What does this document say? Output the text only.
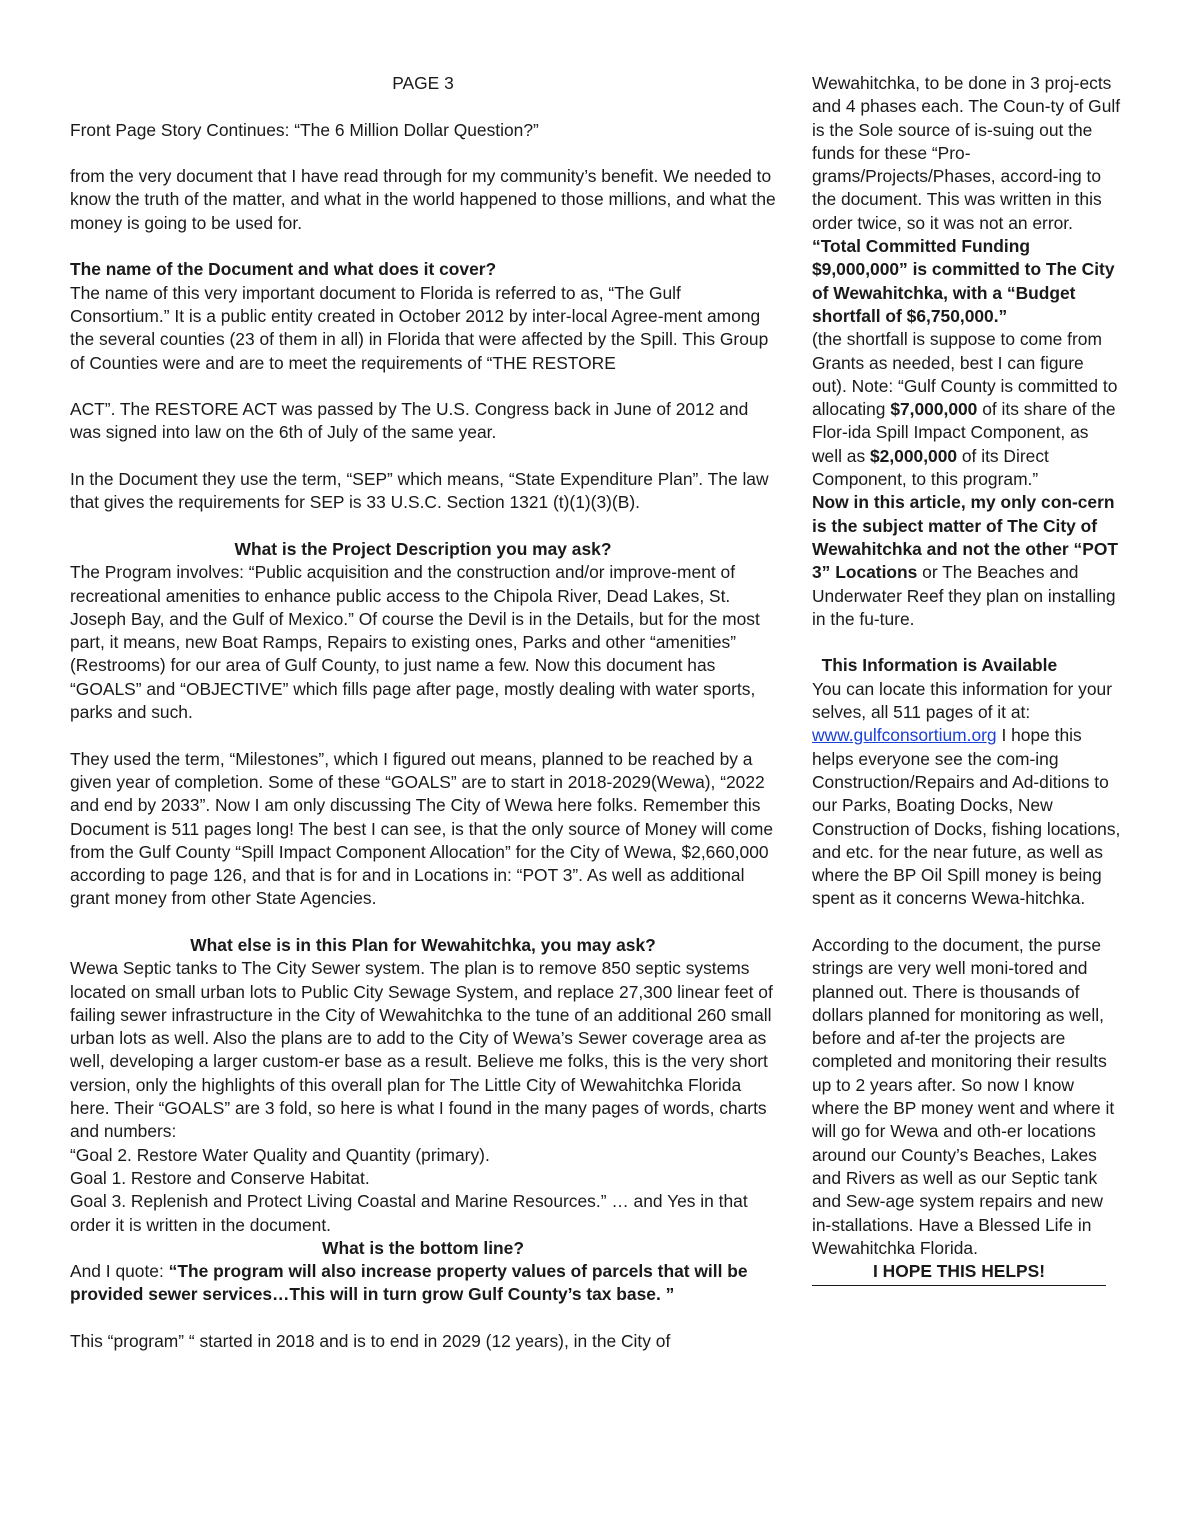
PAGE 3

Front Page Story Continues: “The 6 Million Dollar Question?”

from the very document that I have read through for my community’s benefit. We needed to know the truth of the matter, and what in the world happened to those millions, and what the money is going to be used for.

The name of the Document and what does it cover?

The name of this very important document to Florida is referred to as, “The Gulf Consortium.” It is a public entity created in October 2012 by inter-local Agree-ment among the several counties (23 of them in all) in Florida that were affected by the Spill. This Group of Counties were and are to meet the requirements of “THE RESTORE

ACT”. The RESTORE ACT was passed by The U.S. Congress back in June of 2012 and was signed into law on the 6th of July of the same year.

In the Document they use the term, “SEP” which means, “State Expenditure Plan”. The law that gives the requirements for SEP is 33 U.S.C. Section 1321 (t)(1)(3)(B).

What is the Project Description you may ask?

The Program involves: “Public acquisition and the construction and/or improve-ment of recreational amenities to enhance public access to the Chipola River, Dead Lakes, St. Joseph Bay, and the Gulf of Mexico.” Of course the Devil is in the Details, but for the most part, it means, new Boat Ramps, Repairs to existing ones, Parks and other “amenities” (Restrooms) for our area of Gulf County, to just name a few. Now this document has “GOALS” and “OBJECTIVE” which fills page after page, mostly dealing with water sports, parks and such.

They used the term, “Milestones”, which I figured out means, planned to be reached by a given year of completion. Some of these “GOALS” are to start in 2018-2029(Wewa), “2022 and end by 2033”. Now I am only discussing The City of Wewa here folks. Remember this Document is 511 pages long! The best I can see, is that the only source of Money will come from the Gulf County “Spill Impact Component Allocation” for the City of Wewa, $2,660,000 according to page 126, and that is for and in Locations in: “POT 3”. As well as additional grant money from other State Agencies.

What else is in this Plan for Wewahitchka, you may ask?

Wewa Septic tanks to The City Sewer system. The plan is to remove 850 septic systems located on small urban lots to Public City Sewage System, and replace 27,300 linear feet of failing sewer infrastructure in the City of Wewahitchka to the tune of an additional 260 small urban lots as well. Also the plans are to add to the City of Wewa’s Sewer coverage area as well, developing a larger custom-er base as a result. Believe me folks, this is the very short version, only the highlights of this overall plan for The Little City of Wewahitchka Florida here. Their “GOALS” are 3 fold, so here is what I found in the many pages of words, charts and numbers:

“Goal 2. Restore Water Quality and Quantity (primary).

Goal 1. Restore and Conserve Habitat.

Goal 3. Replenish and Protect Living Coastal and Marine Resources.” … and Yes in that order it is written in the document.

What is the bottom line?

And I quote: “The program will also increase property values of parcels that will be provided sewer services…This will in turn grow Gulf County’s tax base. ”

This “program” “ started in 2018 and is to end in 2029 (12 years), in the City of

Wewahitchka, to be done in 3 proj-ects and 4 phases each. The Coun-ty of Gulf is the Sole source of is-suing out the funds for these “Pro-grams/Projects/Phases, accord-ing to the document. This was written in this order twice, so it was not an error.

“Total Committed Funding $9,000,000” is committed to The City of Wewahitchka, with a “Budget shortfall of $6,750,000.”

(the shortfall is suppose to come from Grants as needed, best I can figure out). Note: “Gulf County is committed to allocating $7,000,000 of its share of the Flor-ida Spill Impact Component, as well as $2,000,000 of its Direct Component, to this program.”

Now in this article, my only con-cern is the subject matter of The City of Wewahitchka and not the other “POT 3” Locations or The Beaches and Underwater Reef they plan on installing in the fu-ture.

This Information is Available

You can locate this information for your selves, all 511 pages of it at: www.gulfconsortium.org I hope this helps everyone see the com-ing Construction/Repairs and Ad-ditions to our Parks, Boating Docks, New Construction of Docks, fishing locations, and etc. for the near future, as well as where the BP Oil Spill money is being spent as it concerns Wewa-hitchka.

According to the document, the purse strings are very well moni-tored and planned out. There is thousands of dollars planned for monitoring as well, before and af-ter the projects are completed and monitoring their results up to 2 years after. So now I know where the BP money went and where it will go for Wewa and oth-er locations around our County’s Beaches, Lakes and Rivers as well as our Septic tank and Sew-age system repairs and new in-stallations. Have a Blessed Life in Wewahitchka Florida.

I HOPE THIS HELPS!
